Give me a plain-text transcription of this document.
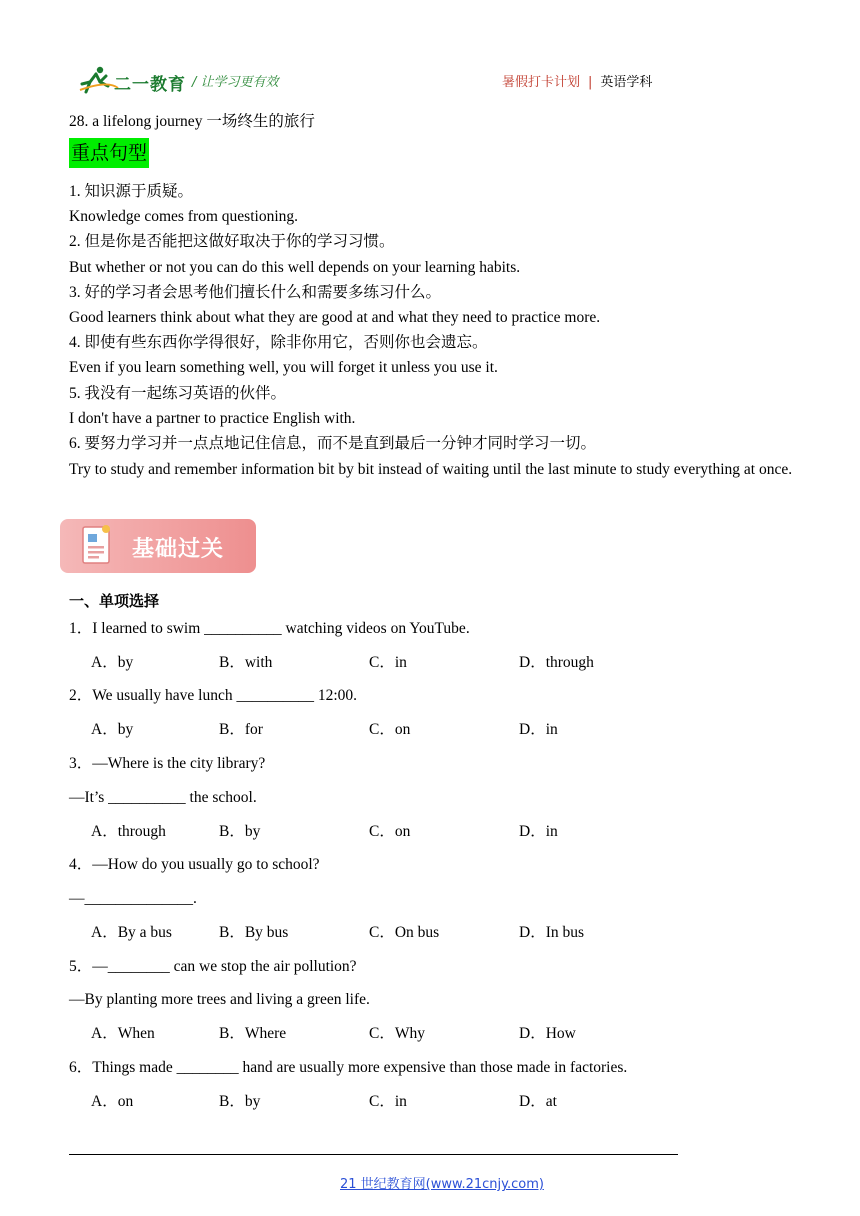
二一教育 / 让学习更有效	暑假打卡计划 | 英语学科
28. a lifelong journey 一场终生的旅行
重点句型
1. 知识源于质疑。
Knowledge comes from questioning.
2. 但是你是否能把这做好取决于你的学习习惯。
But whether or not you can do this well depends on your learning habits.
3. 好的学习者会思考他们擅长什么和需要多练习什么。
Good learners think about what they are good at and what they need to practice more.
4. 即使有些东西你学得很好，除非你用它，否则你也会遗忘。
Even if you learn something well, you will forget it unless you use it.
5. 我没有一起练习英语的伙伴。
I don't have a partner to practice English with.
6. 要努力学习并一点点地记住信息，而不是直到最后一分钟才同时学习一切。
Try to study and remember information bit by bit instead of waiting until the last minute to study everything at once.
基础过关
一、单项选择
1．I learned to swim __________ watching videos on YouTube.
A．by	B．with	C．in	D．through
2．We usually have lunch __________ 12:00.
A．by	B．for	C．on	D．in
3．—Where is the city library?
—It’s __________ the school.
A．through	B．by	C．on	D．in
4．—How do you usually go to school?
—______________.
A．By a bus	B．By bus	C．On bus	D．In bus
5．—________ can we stop the air pollution?
—By planting more trees and living a green life.
A．When	B．Where	C．Why	D．How
6．Things made ________ hand are usually more expensive than those made in factories.
A．on	B．by	C．in	D．at
21 世纪教育网(www.21cnjy.com)
